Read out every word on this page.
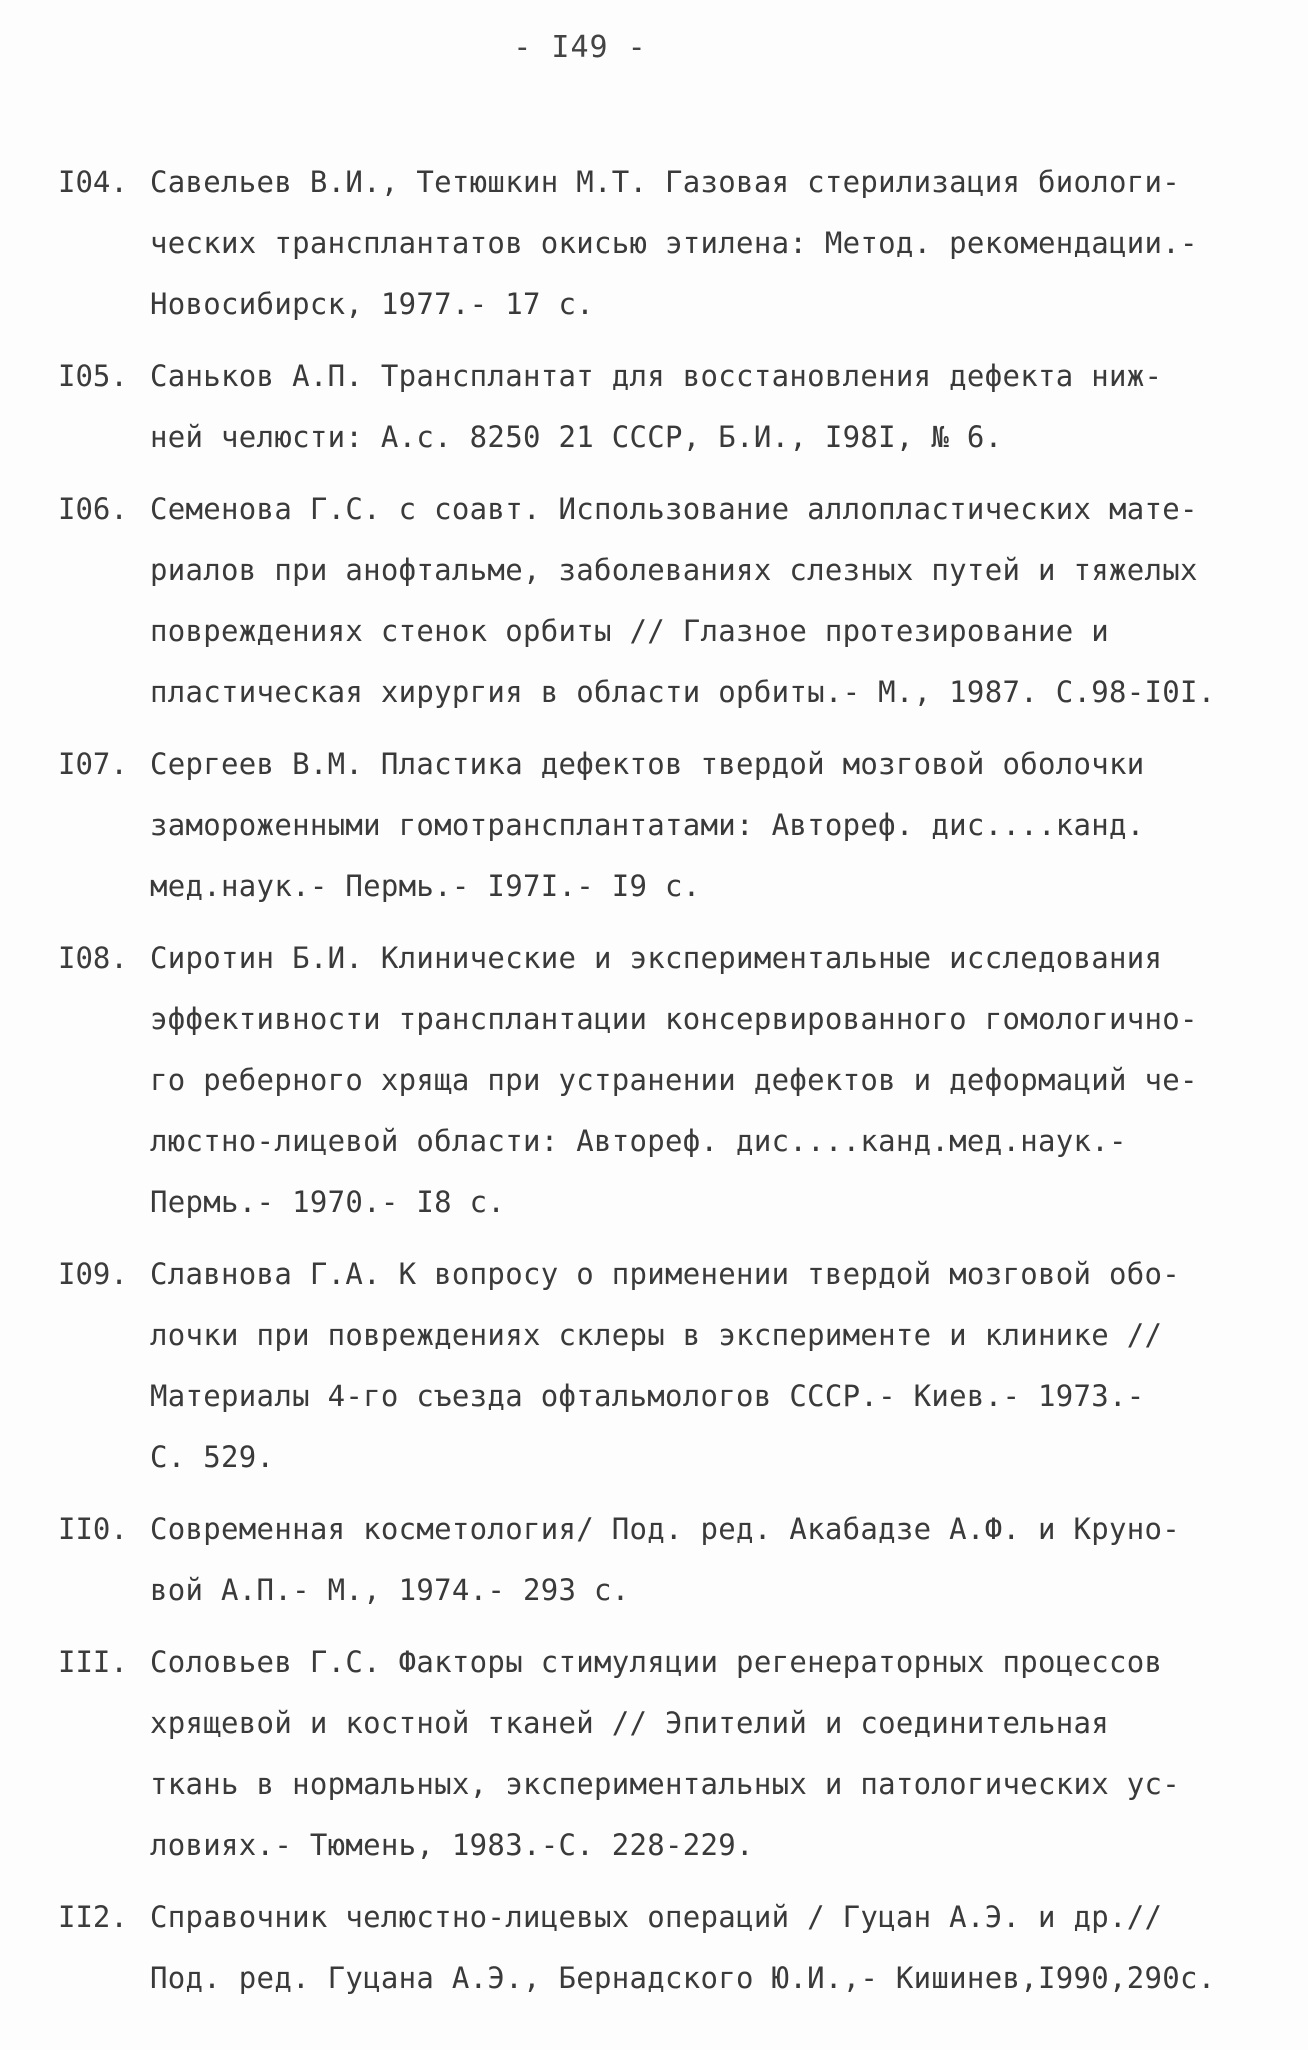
- I49 -
I04. Савельев В.И., Тетюшкин М.Т. Газовая стерилизация биологи-
ческих трансплантатов окисью этилена: Метод. рекомендации.-
Новосибирск, 1977.- 17 с.
I05. Саньков А.П. Трансплантат для восстановления дефекта ниж-
ней челюсти: А.с. 8250 21 СССР, Б.И., I98I, № 6.
I06. Семенова Г.С. с соавт. Использование аллопластических мате-
риалов при анофтальме, заболеваниях слезных путей и тяжелых
повреждениях стенок орбиты // Глазное протезирование и
пластическая хирургия в области орбиты.- М., 1987. С.98-I0I.
I07. Сергеев В.М. Пластика дефектов твердой мозговой оболочки
замороженными гомотрансплантатами: Автореф. дис....канд.
мед.наук.- Пермь.- I97I.- I9 с.
I08. Сиротин Б.И. Клинические и экспериментальные исследования
эффективности трансплантации консервированного гомологично-
го реберного хряща при устранении дефектов и деформаций че-
люстно-лицевой области: Автореф. дис....канд.мед.наук.-
Пермь.- 1970.- I8 с.
I09. Славнова Г.А. К вопросу о применении твердой мозговой обо-
лочки при повреждениях склеры в эксперименте и клинике //
Материалы 4-го съезда офтальмологов СССР.- Киев.- 1973.-
С. 529.
II0. Современная косметология/ Под. ред. Акабадзе А.Ф. и Круно-
вой А.П.- М., 1974.- 293 с.
III. Соловьев Г.С. Факторы стимуляции регенераторных процессов
хрящевой и костной тканей // Эпителий и соединительная
ткань в нормальных, экспериментальных и патологических ус-
ловиях.- Тюмень, 1983.-С. 228-229.
II2. Справочник челюстно-лицевых операций / Гуцан А.Э. и др.//
Под. ред. Гуцана А.Э., Бернадского Ю.И.,- Кишинев,I990,290с.
